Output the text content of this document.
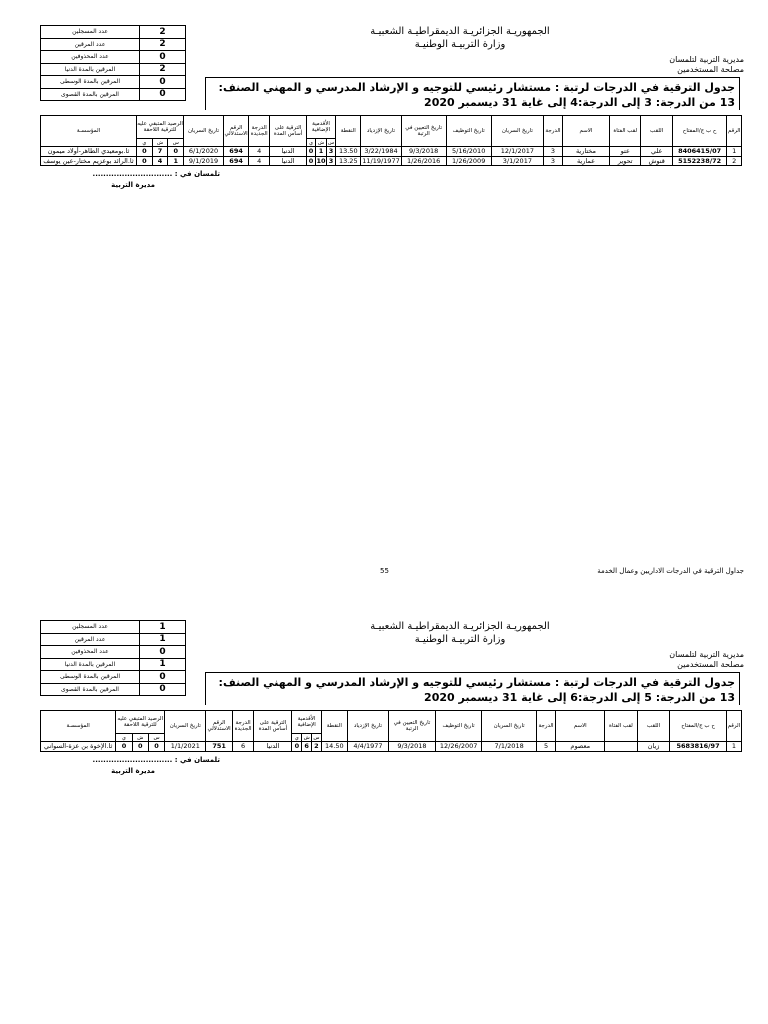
عدد المسجلين	2
عدد المرقين	2
عدد المحذوفين	0
المرقين بالمدة الدنيا	2
المرقين بالمدة الوسطى	0
المرقين بالمدة القصوى	0
الجمهوريـة الجزائريـة الديمقراطيـة الشعبيـة
وزارة التربيـة الوطنيـة
مديرية التربية لتلمسان
مصلحة المستخدمين
جدول الترقية في الدرجات لرتبة : مستشار رئيسي للتوجيه و الإرشاد المدرسي و المهني الصنف: 13 من الدرجة: 3 إلى الدرجة:4 إلى غاية 31 ديسمبر 2020
الرقم	ح ب ج/المفتاح	اللقب	لقب الفتاة	الاسم	الدرجة	تاريخ السريان	تاريخ التوظيف	تاريخ التعيين في الرتبة	تاريخ الإزدياد	النقطة	الأقدمية الإضافية			الترقية على أساس المدة	الدرجة الجديدة	الرقم الاستدلالي	تاريخ السريان	الرصيد المتبقي عليه للترقية اللاحقة			المؤسسـة
											س	ش	ي					س	ش	ي	
1	8406415/07	علي	عتو	مختارية	3	12/1/2017	5/16/2010	9/3/2018	3/22/1984	13.50	3	1	0	الدنيا	4	694	6/1/2020	0	7	0	ثا.بومعيدي الطاهر-أولاد ميمون
2	5152238/72	قنوش	تحوير	عمارية	3	3/1/2017	1/26/2009	1/26/2016	11/19/1977	13.25	3	10	0	الدنيا	4	694	9/1/2019	1	4	0	ثا.الرائد بوعزيم مختار-عين يوسف
تلمسان في : ..............................
مديرة التربية
عدد المسجلين	1
عدد المرقين	1
عدد المحذوفين	0
المرقين بالمدة الدنيا	1
المرقين بالمدة الوسطى	0
المرقين بالمدة القصوى	0
الجمهوريـة الجزائريـة الديمقراطيـة الشعبيـة
وزارة التربيـة الوطنيـة
مديرية التربية لتلمسان
مصلحة المستخدمين
جدول الترقية في الدرجات لرتبة : مستشار رئيسي للتوجيه و الإرشاد المدرسي و المهني الصنف: 13 من الدرجة: 5 إلى الدرجة:6 إلى غاية 31 ديسمبر 2020
الرقم	ح ب ج/المفتاح	اللقب	لقب الفتاة	الاسم	الدرجة	تاريخ السريان	تاريخ التوظيف	تاريخ التعيين في الرتبة	تاريخ الإزدياد	النقطة	الأقدمية الإضافية			الترقية على أساس المدة	الدرجة الجديدة	الرقم الاستدلالي	تاريخ السريان	الرصيد المتبقي عليه للترقية اللاحقة			المؤسسـة
											س	ش	ي					س	ش	ي	
1	5683816/97	زيان		معصوم	5	7/1/2018	12/26/2007	9/3/2018	4/4/1977	14.50	2	6	0	الدنيا	6	751	1/1/2021	0	0	0	ثا.الإخوة بن عزة-السواني
تلمسان في : ..............................
مديرة التربية
55	جداول الترقية في الدرجات الاداريين وعمال الخدمة
